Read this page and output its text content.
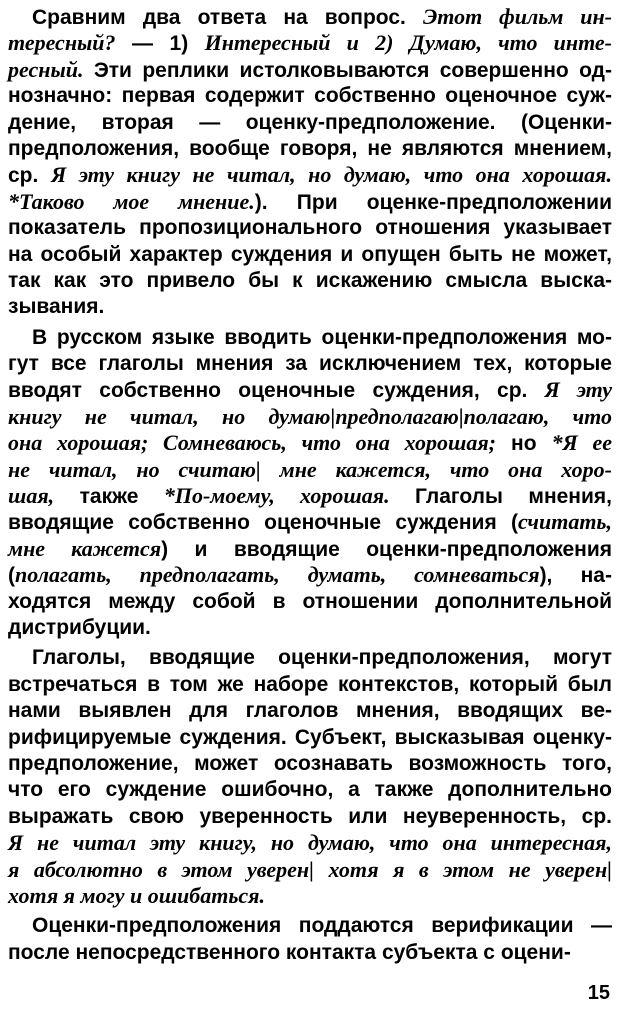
Сравним два ответа на вопрос. Этот фильм ин-
тересный? — 1) Интересный и 2) Думаю, что инте-
ресный. Эти реплики истолковываются совершенно од-
нозначно: первая содержит собственно оценочное суж-
дение, вторая — оценку-предположение. (Оценки-
предположения, вообще говоря, не являются мнением,
ср. Я эту книгу не читал, но думаю, что она хорошая.
*Таково мое мнение.). При оценке-предположении
показатель пропозиционального отношения указывает
на особый характер суждения и опущен быть не может,
так как это привело бы к искажению смысла выска-
зывания.
В русском языке вводить оценки-предположения мо-
гут все глаголы мнения за исключением тех, которые
вводят собственно оценочные суждения, ср. Я эту
книгу не читал, но думаю|предполагаю|полагаю, что
она хорошая; Сомневаюсь, что она хорошая; но *Я ее
не читал, но считаю| мне кажется, что она хоро-
шая, также *По-моему, хорошая. Глаголы мнения,
вводящие собственно оценочные суждения (считать,
мне кажется) и вводящие оценки-предположения
(полагать, предполагать, думать, сомневаться), на-
ходятся между собой в отношении дополнительной
дистрибуции.
Глаголы, вводящие оценки-предположения, могут
встречаться в том же наборе контекстов, который был
нами выявлен для глаголов мнения, вводящих ве-
рифицируемые суждения. Субъект, высказывая оценку-
предположение, может осознавать возможность того,
что его суждение ошибочно, а также дополнительно
выражать свою уверенность или неуверенность, ср.
Я не читал эту книгу, но думаю, что она интересная,
я абсолютно в этом уверен| хотя я в этом не уверен|
хотя я могу и ошибаться.
Оценки-предположения поддаются верификации —
после непосредственного контакта субъекта с оцени-
15
